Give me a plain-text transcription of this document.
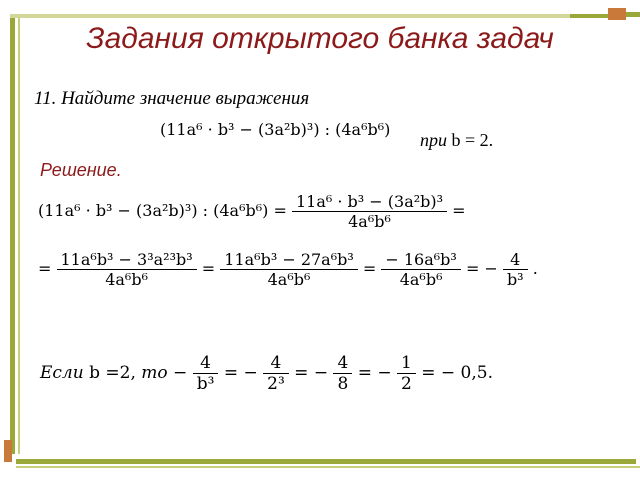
Задания открытого банка задач
11. Найдите значение выражения
(11a⁶ · b³ − (3a²b)³) : (4a⁶b⁶)
при b = 2.
Решение.
(11a⁶ · b³ − (3a²b)³) : $(4a^6b^6) = \frac{\text{11a⁶ · b³ − (3a²b)³}}{\text{4a⁶b⁶}}$ =
= $\frac{\text{11a⁶b³ − 3³a²³b³}}{\text{4a⁶b⁶}} = \frac{\text{11a⁶b³ − 27a⁶b³}}{\text{4a⁶b⁶}} = \frac{\text{− 16a⁶b³}}{\text{4a⁶b⁶}}$ = − $\frac{4}{\text{b³}}$ .
Если b =2, то − $\frac{4}{\text{b³}}$ = − $\frac{4}{\text{2³}}$ = − $\frac{4}{8}$ = − $\frac{1}{2}$ = − 0,5.
